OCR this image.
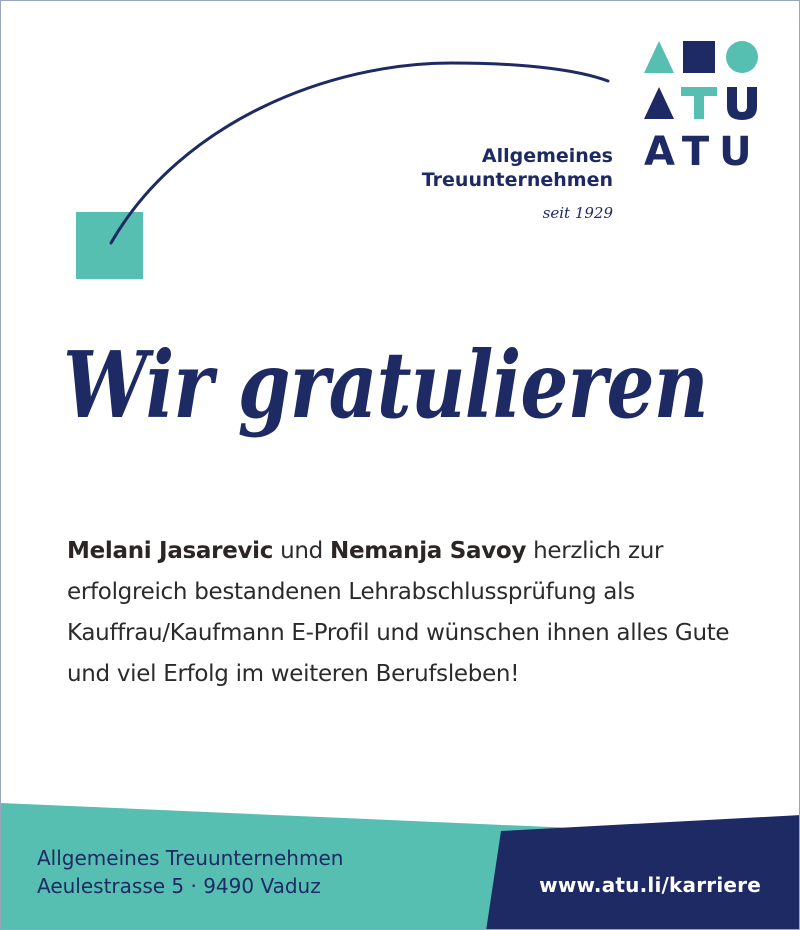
ATU
Allgemeines
Treuunternehmen
seit 1929
Wir gratulieren
Melani Jasarevic und Nemanja Savoy herzlich zur erfolgreich bestandenen Lehrabschlussprüfung als Kauffrau/Kaufmann E-Profil und wünschen ihnen alles Gute und viel Erfolg im weiteren Berufsleben!
Allgemeines Treuunternehmen
Aeulestrasse 5 · 9490 Vaduz	www.atu.li/karriere
